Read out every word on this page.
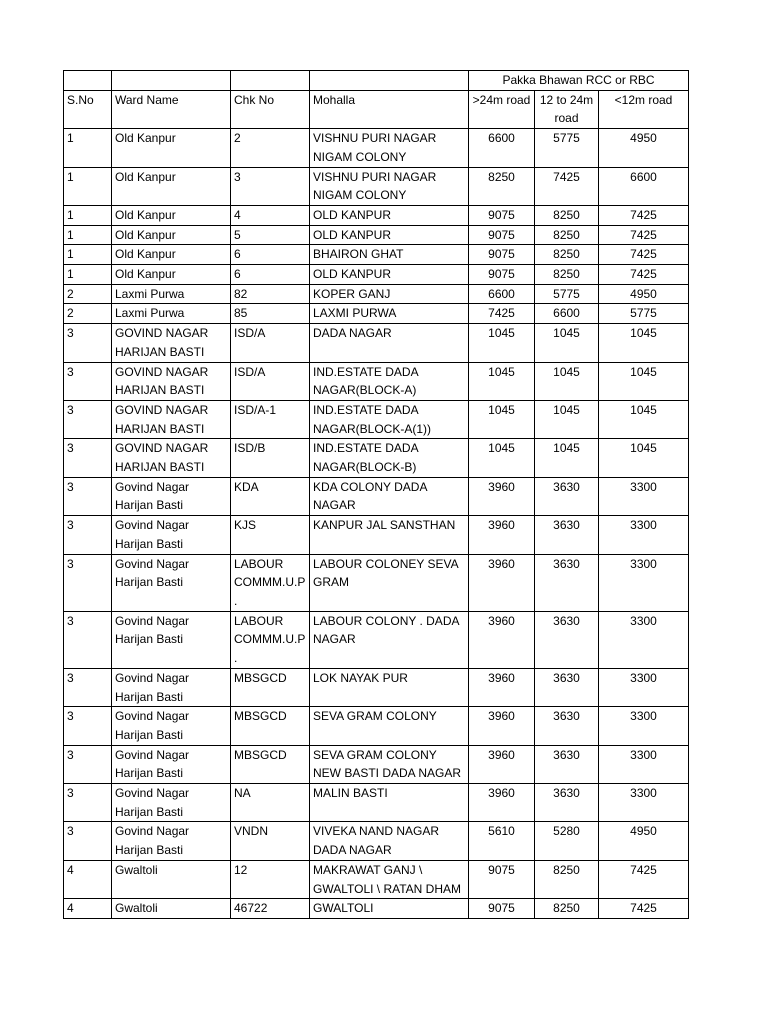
				Pakka Bhawan RCC or RBC		
S.No	Ward Name	Chk No	Mohalla	>24m road	12 to 24m road	<12m road
1	Old Kanpur	2	VISHNU PURI NAGAR NIGAM COLONY	6600	5775	4950
1	Old Kanpur	3	VISHNU PURI NAGAR NIGAM COLONY	8250	7425	6600
1	Old Kanpur	4	OLD KANPUR	9075	8250	7425
1	Old Kanpur	5	OLD KANPUR	9075	8250	7425
1	Old Kanpur	6	BHAIRON GHAT	9075	8250	7425
1	Old Kanpur	6	OLD KANPUR	9075	8250	7425
2	Laxmi Purwa	82	KOPER GANJ	6600	5775	4950
2	Laxmi Purwa	85	LAXMI PURWA	7425	6600	5775
3	GOVIND NAGAR HARIJAN BASTI	ISD/A	DADA NAGAR	1045	1045	1045
3	GOVIND NAGAR HARIJAN BASTI	ISD/A	IND.ESTATE DADA NAGAR(BLOCK-A)	1045	1045	1045
3	GOVIND NAGAR HARIJAN BASTI	ISD/A-1	IND.ESTATE DADA NAGAR(BLOCK-A(1))	1045	1045	1045
3	GOVIND NAGAR HARIJAN BASTI	ISD/B	IND.ESTATE DADA NAGAR(BLOCK-B)	1045	1045	1045
3	Govind Nagar Harijan Basti	KDA	KDA COLONY DADA NAGAR	3960	3630	3300
3	Govind Nagar Harijan Basti	KJS	KANPUR JAL SANSTHAN	3960	3630	3300
3	Govind Nagar Harijan Basti	LABOUR COMMM.U.P.	LABOUR COLONEY SEVA GRAM	3960	3630	3300
3	Govind Nagar Harijan Basti	LABOUR COMMM.U.P.	LABOUR COLONY . DADA NAGAR	3960	3630	3300
3	Govind Nagar Harijan Basti	MBSGCD	LOK NAYAK PUR	3960	3630	3300
3	Govind Nagar Harijan Basti	MBSGCD	SEVA GRAM COLONY	3960	3630	3300
3	Govind Nagar Harijan Basti	MBSGCD	SEVA GRAM COLONY NEW BASTI DADA NAGAR	3960	3630	3300
3	Govind Nagar Harijan Basti	NA	MALIN BASTI	3960	3630	3300
3	Govind Nagar Harijan Basti	VNDN	VIVEKA NAND NAGAR DADA NAGAR	5610	5280	4950
4	Gwaltoli	12	MAKRAWAT GANJ \ GWALTOLI \ RATAN DHAM	9075	8250	7425
4	Gwaltoli	46722	GWALTOLI	9075	8250	7425
